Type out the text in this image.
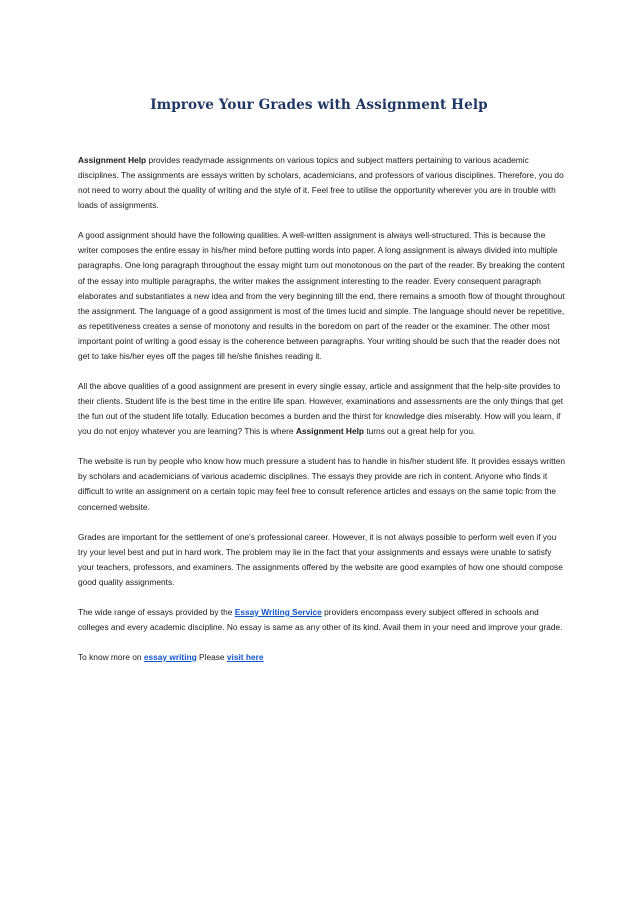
Improve Your Grades with Assignment Help

Assignment Help provides readymade assignments on various topics and subject matters pertaining to various academic disciplines. The assignments are essays written by scholars, academicians, and professors of various disciplines. Therefore, you do not need to worry about the quality of writing and the style of it. Feel free to utilise the opportunity wherever you are in trouble with loads of assignments.

A good assignment should have the following qualities. A well-written assignment is always well-structured. This is because the writer composes the entire essay in his/her mind before putting words into paper. A long assignment is always divided into multiple paragraphs. One long paragraph throughout the essay might turn out monotonous on the part of the reader. By breaking the content of the essay into multiple paragraphs, the writer makes the assignment interesting to the reader. Every consequent paragraph elaborates and substantiates a new idea and from the very beginning till the end, there remains a smooth flow of thought throughout the assignment. The language of a good assignment is most of the times lucid and simple. The language should never be repetitive, as repetitiveness creates a sense of monotony and results in the boredom on part of the reader or the examiner. The other most important point of writing a good essay is the coherence between paragraphs. Your writing should be such that the reader does not get to take his/her eyes off the pages till he/she finishes reading it.

All the above qualities of a good assignment are present in every single essay, article and assignment that the help-site provides to their clients. Student life is the best time in the entire life span. However, examinations and assessments are the only things that get the fun out of the student life totally. Education becomes a burden and the thirst for knowledge dies miserably. How will you learn, if you do not enjoy whatever you are learning? This is where Assignment Help turns out a great help for you.

The website is run by people who know how much pressure a student has to handle in his/her student life. It provides essays written by scholars and academicians of various academic disciplines. The essays they provide are rich in content. Anyone who finds it difficult to write an assignment on a certain topic may feel free to consult reference articles and essays on the same topic from the concerned website.

Grades are important for the settlement of one's professional career. However, it is not always possible to perform well even if you try your level best and put in hard work. The problem may lie in the fact that your assignments and essays were unable to satisfy your teachers, professors, and examiners. The assignments offered by the website are good examples of how one should compose good quality assignments.

The wide range of essays provided by the Essay Writing Service providers encompass every subject offered in schools and colleges and every academic discipline. No essay is same as any other of its kind. Avail them in your need and improve your grade.

To know more on essay writing Please visit here
